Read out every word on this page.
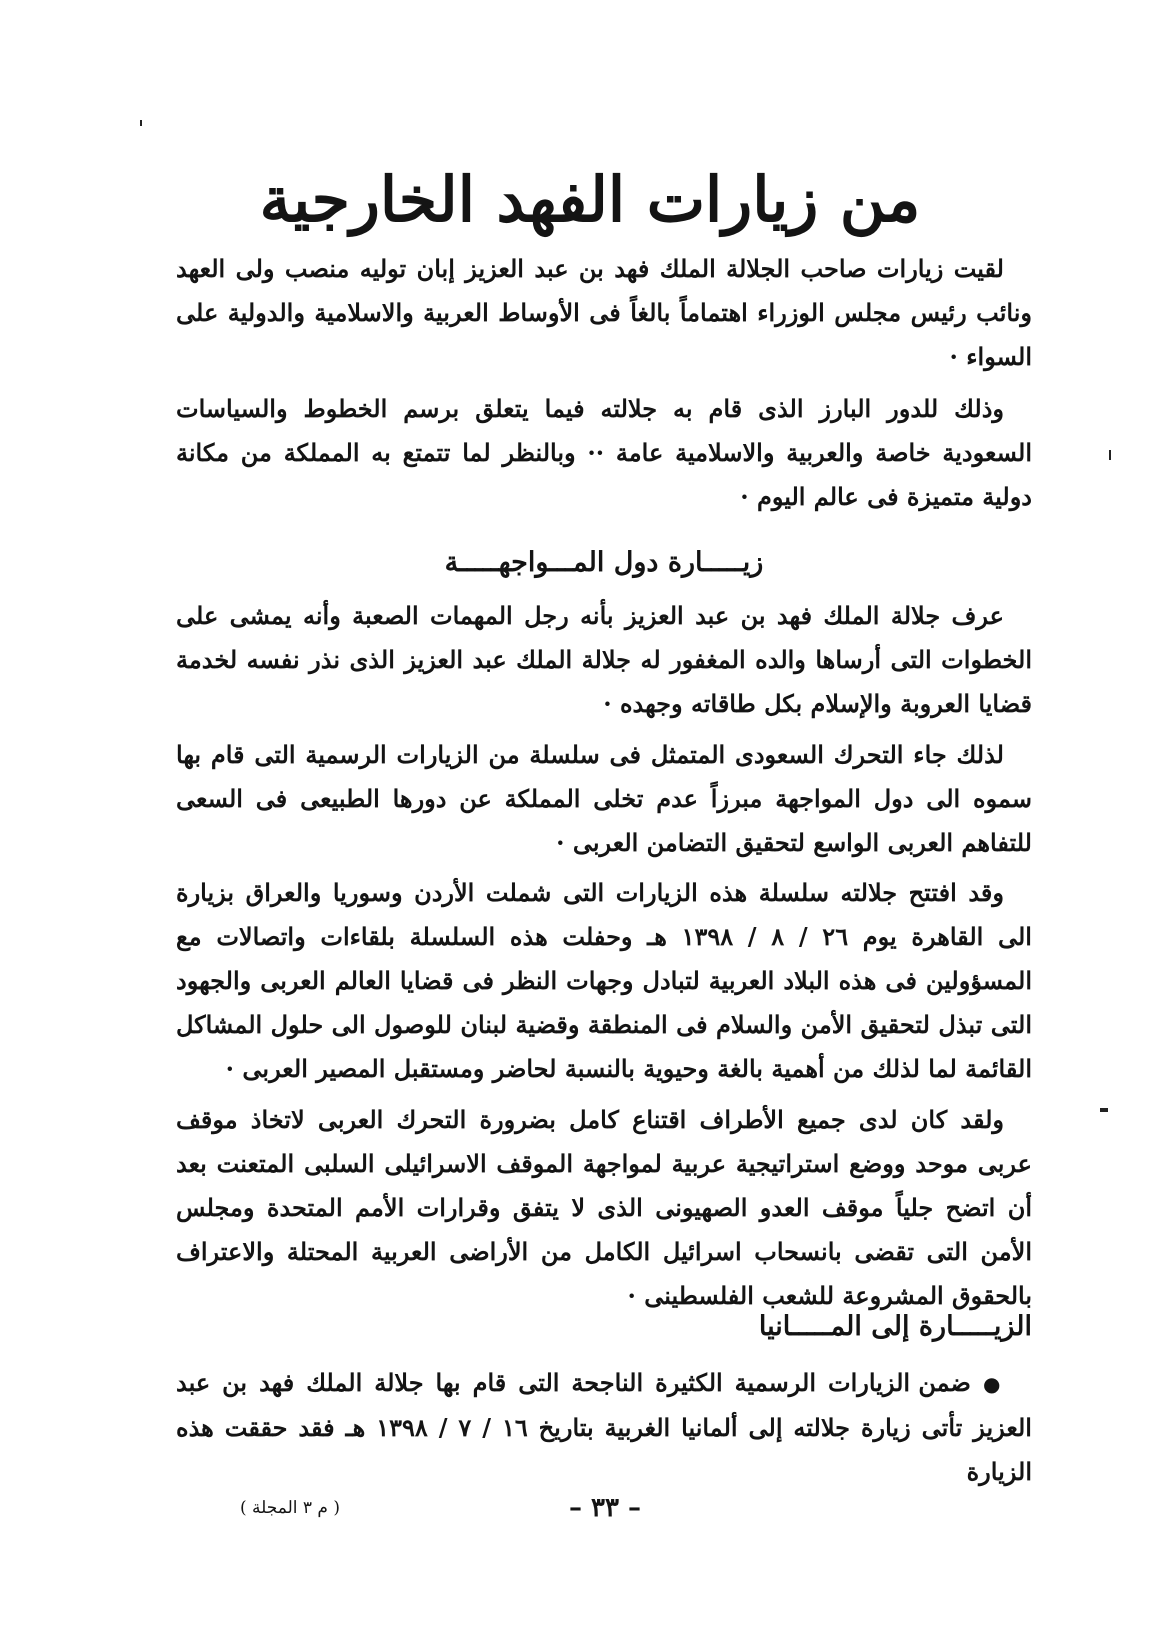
من زيارات الفهد الخارجية
لقيت زيارات صاحب الجلالة الملك فهد بن عبد العزيز إبان توليه منصب ولى العهد ونائب رئيس مجلس الوزراء اهتماماً بالغاً فى الأوساط العربية والاسلامية والدولية على السواء ·
وذلك للدور البارز الذى قام به جلالته فيما يتعلق برسم الخطوط والسياسات السعودية خاصة والعربية والاسلامية عامة ·· وبالنظر لما تتمتع به المملكة من مكانة دولية متميزة فى عالم اليوم ·
زيـــــارة دول المـــواجهـــــة
عرف جلالة الملك فهد بن عبد العزيز بأنه رجل المهمات الصعبة وأنه يمشى على الخطوات التى أرساها والده المغفور له جلالة الملك عبد العزيز الذى نذر نفسه لخدمة قضايا العروبة والإسلام بكل طاقاته وجهده ·
لذلك جاء التحرك السعودى المتمثل فى سلسلة من الزيارات الرسمية التى قام بها سموه الى دول المواجهة مبرزاً عدم تخلى المملكة عن دورها الطبيعى فى السعى للتفاهم العربى الواسع لتحقيق التضامن العربى ·
وقد افتتح جلالته سلسلة هذه الزيارات التى شملت الأردن وسوريا والعراق بزيارة الى القاهرة يوم ٢٦ / ٨ / ١٣٩٨ هـ وحفلت هذه السلسلة بلقاءات واتصالات مع المسؤولين فى هذه البلاد العربية لتبادل وجهات النظر فى قضايا العالم العربى والجهود التى تبذل لتحقيق الأمن والسلام فى المنطقة وقضية لبنان للوصول الى حلول المشاكل القائمة لما لذلك من أهمية بالغة وحيوية بالنسبة لحاضر ومستقبل المصير العربى ·
ولقد كان لدى جميع الأطراف اقتناع كامل بضرورة التحرك العربى لاتخاذ موقف عربى موحد ووضع استراتيجية عربية لمواجهة الموقف الاسرائيلى السلبى المتعنت بعد أن اتضح جلياً موقف العدو الصهيونى الذى لا يتفق وقرارات الأمم المتحدة ومجلس الأمن التى تقضى بانسحاب اسرائيل الكامل من الأراضى العربية المحتلة والاعتراف بالحقوق المشروعة للشعب الفلسطينى ·
الزيـــــارة إلى المـــــانيا
● ضمن الزيارات الرسمية الكثيرة الناجحة التى قام بها جلالة الملك فهد بن عبد العزيز تأتى زيارة جلالته إلى ألمانيا الغربية بتاريخ ١٦ / ٧ / ١٣٩٨ هـ فقد حققت هذه الزيارة
– ٣٣ –
( م ٣ المجلة )
